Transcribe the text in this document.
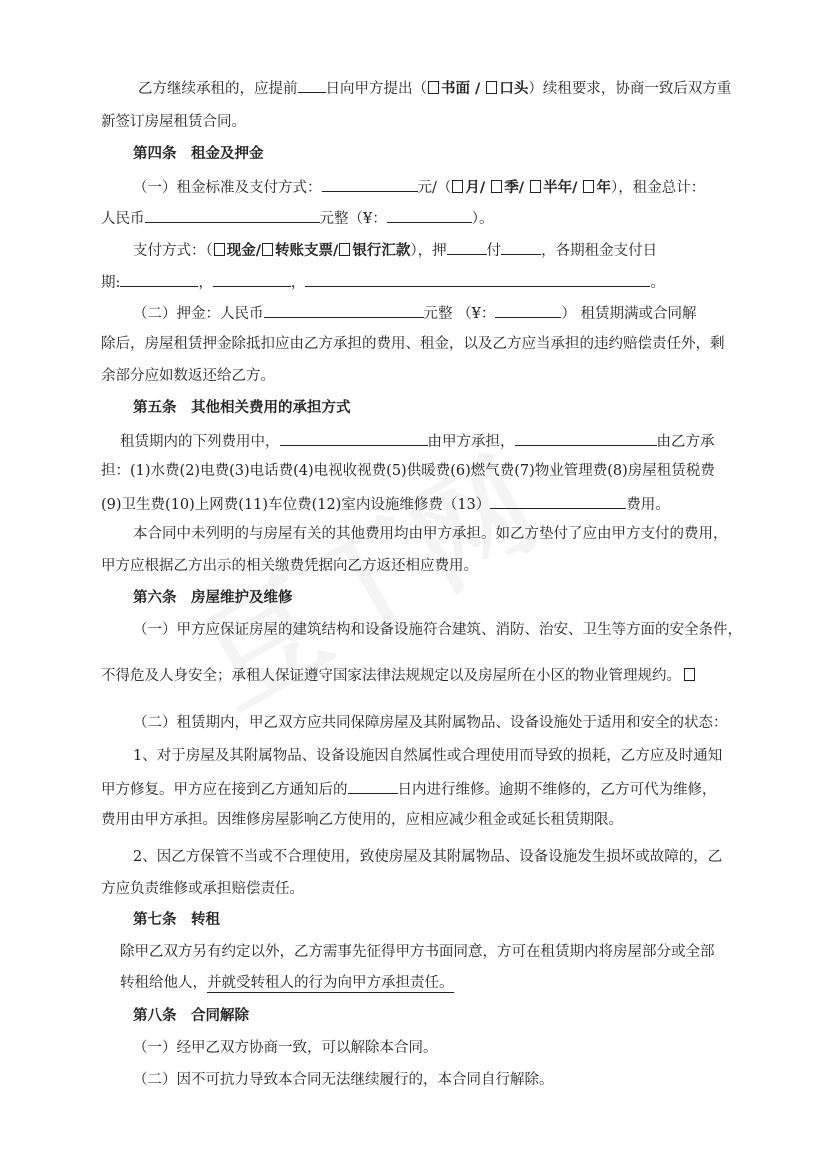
乙方继续承租的，应提前 日向甲方提出（ 书面 / 口头）续租要求，协商一致后双方重
新签订房屋租赁合同。
第四条　租金及押金
（一）租金标准及支付方式：	元/（ 月/ 季/ 半年/ 年），租金总计：
人民币	元整（¥：	）。
支付方式：（ 现金/ 转账支票/ 银行汇款），押	付	，各期租金支付日
期:	，	，	。
（二）押金：人民币	元整 （¥：	） 租赁期满或合同解
除后，房屋租赁押金除抵扣应由乙方承担的费用、租金，以及乙方应当承担的违约赔偿责任外，剩
余部分应如数返还给乙方。
第五条　其他相关费用的承担方式
租赁期内的下列费用中，	由甲方承担，	由乙方承
担：(1)水费(2)电费(3)电话费(4)电视收视费(5)供暖费(6)燃气费(7)物业管理费(8)房屋租赁税费
(9)卫生费(10)上网费(11)车位费(12)室内设施维修费（13）	费用。
本合同中未列明的与房屋有关的其他费用均由甲方承担。如乙方垫付了应由甲方支付的费用，
甲方应根据乙方出示的相关缴费凭据向乙方返还相应费用。
第六条　房屋维护及维修
（一）甲方应保证房屋的建筑结构和设备设施符合建筑、消防、治安、卫生等方面的安全条件，
不得危及人身安全；承租人保证遵守国家法律法规规定以及房屋所在小区的物业管理规约。
（二）租赁期内，甲乙双方应共同保障房屋及其附属物品、设备设施处于适用和安全的状态：
1、对于房屋及其附属物品、设备设施因自然属性或合理使用而导致的损耗，乙方应及时通知
甲方修复。甲方应在接到乙方通知后的	日内进行维修。逾期不维修的，乙方可代为维修，
费用由甲方承担。因维修房屋影响乙方使用的，应相应减少租金或延长租赁期限。
2、因乙方保管不当或不合理使用，致使房屋及其附属物品、设备设施发生损坏或故障的，乙
方应负责维修或承担赔偿责任。
第七条　转租
除甲乙双方另有约定以外，乙方需事先征得甲方书面同意，方可在租赁期内将房屋部分或全部
转租给他人，并就受转租人的行为向甲方承担责任。
第八条　合同解除
（一）经甲乙双方协商一致，可以解除本合同。
（二）因不可抗力导致本合同无法继续履行的，本合同自行解除。
